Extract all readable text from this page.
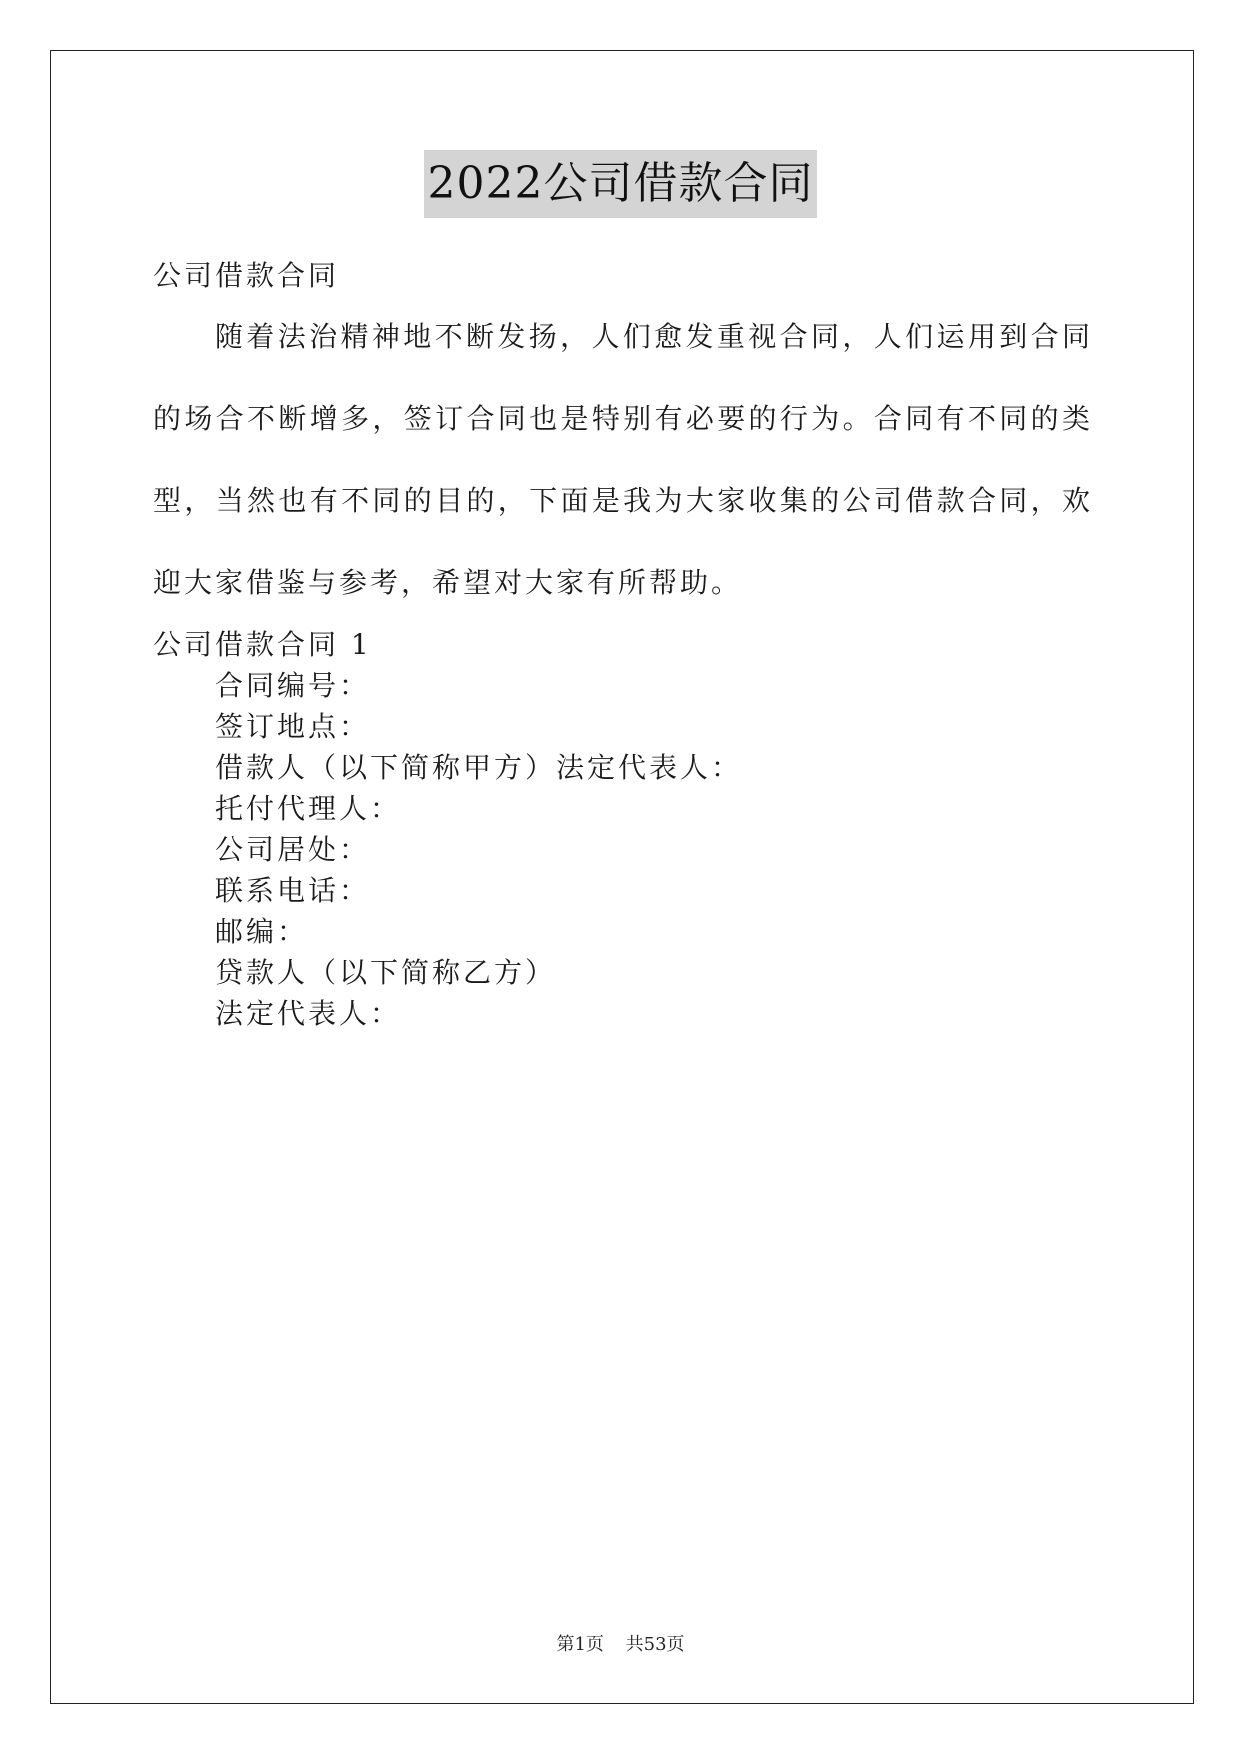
2022公司借款合同

公司借款合同

随着法治精神地不断发扬，人们愈发重视合同，人们运用到合同的场合不断增多，签订合同也是特别有必要的行为。合同有不同的类型，当然也有不同的目的，下面是我为大家收集的公司借款合同，欢迎大家借鉴与参考，希望对大家有所帮助。

公司借款合同 1

合同编号：

签订地点：

借款人（以下简称甲方）法定代表人：

托付代理人：

公司居处：

联系电话：

邮编：

贷款人（以下简称乙方）

法定代表人：

第1页 共53页
